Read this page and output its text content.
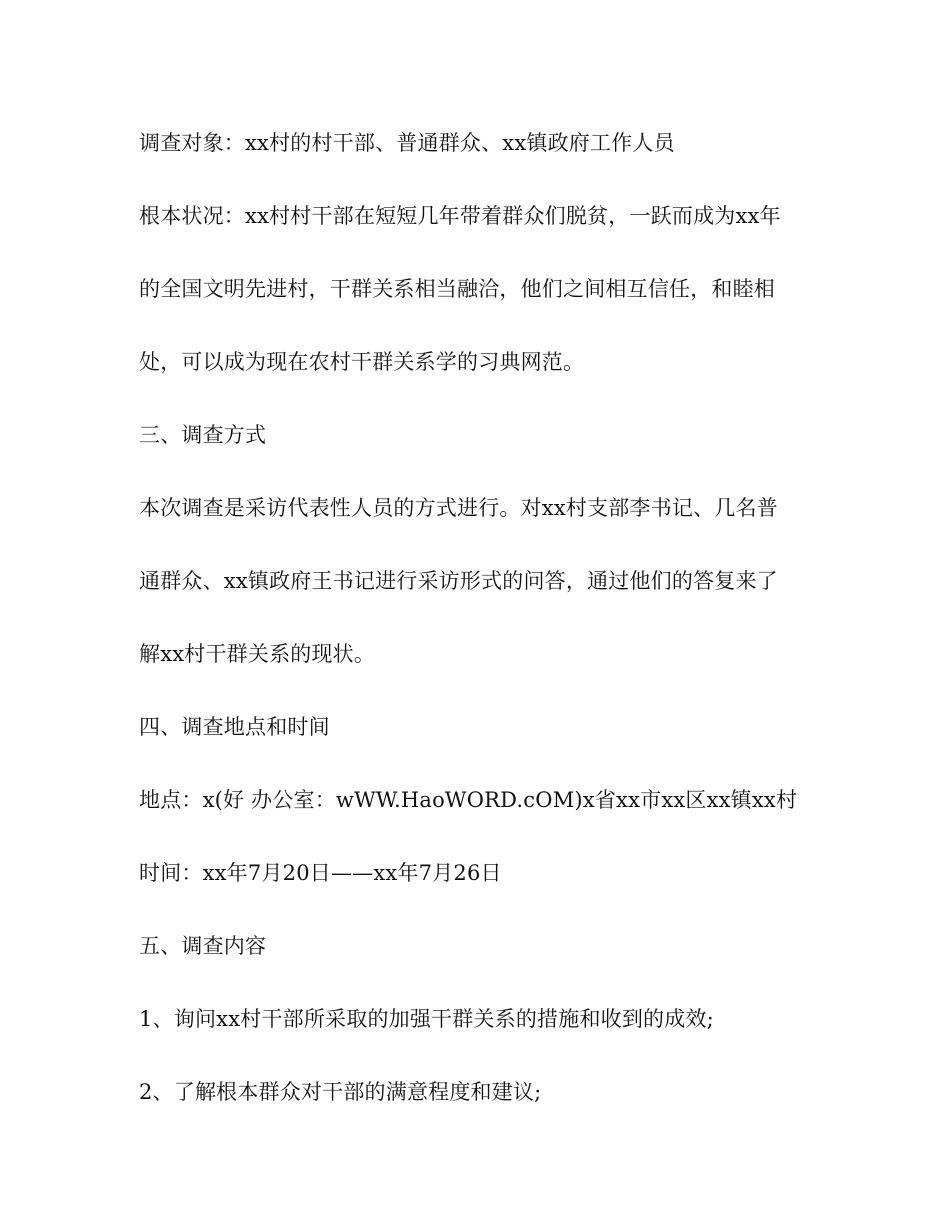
调查对象：xx村的村干部、普通群众、xx镇政府工作人员
根本状况：xx村村干部在短短几年带着群众们脱贫，一跃而成为xx年
的全国文明先进村，干群关系相当融洽，他们之间相互信任，和睦相
处，可以成为现在农村干群关系学的习典网范。
三、调查方式
本次调查是采访代表性人员的方式进行。对xx村支部李书记、几名普
通群众、xx镇政府王书记进行采访形式的问答，通过他们的答复来了
解xx村干群关系的现状。
四、调查地点和时间
地点：x(好 办公室：wWW.HaoWORD.cOM)x省xx市xx区xx镇xx村
时间：xx年7月20日——xx年7月26日
五、调查内容
1、询问xx村干部所采取的加强干群关系的措施和收到的成效;
2、了解根本群众对干部的满意程度和建议;
